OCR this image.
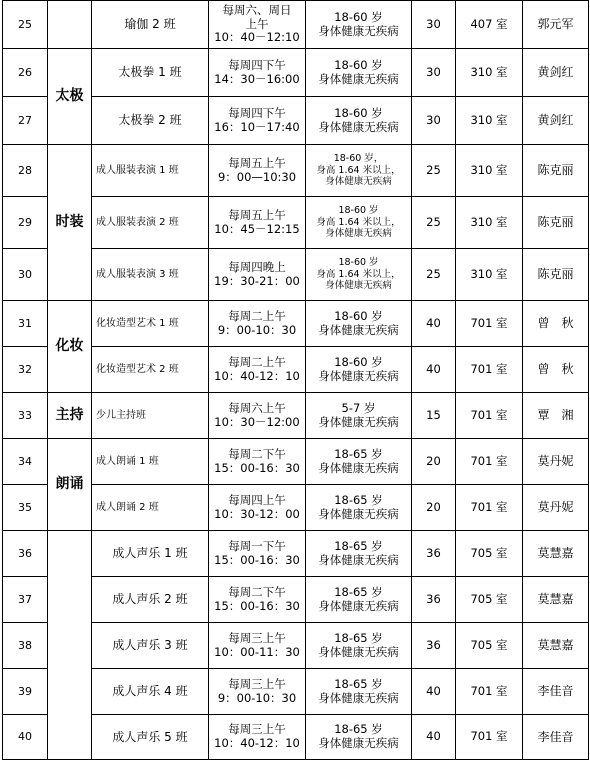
25		瑜伽 2 班	每周六、周日
上午
10：40－12:10	18-60 岁
身体健康无疾病	30	407 室	郭元军
26	太极	太极拳 1 班	每周四下午
14：30－16:00	18-60 岁
身体健康无疾病	30	310 室	黄剑红
27		太极拳 2 班	每周四下午
16：10－17:40	18-60 岁
身体健康无疾病	30	310 室	黄剑红
28	时装	成人服装表演 1 班	每周五上午
9：00—10:30	18-60 岁，
身高 1.64 米以上，
身体健康无疾病	25	310 室	陈克丽
29		成人服装表演 2 班	每周五上午
10：45－12:15	18-60 岁
身高 1.64 米以上，
身体健康无疾病	25	310 室	陈克丽
30		成人服装表演 3 班	每周四晚上
19：30-21：00	18-60 岁
身高 1.64 米以上，
身体健康无疾病	25	310 室	陈克丽
31	化妆	化妆造型艺术 1 班	每周二上午
9：00-10：30	18-60 岁
身体健康无疾病	40	701 室	曾　秋
32		化妆造型艺术 2 班	每周二上午
10：40-12：10	18-60 岁
身体健康无疾病	40	701 室	曾　秋
33	主持	少儿主持班	每周六上午
10：30－12:00	5-7 岁
身体健康无疾病	15	701 室	覃　湘
34	朗诵	成人朗诵 1 班	每周二下午
15：00-16：30	18-65 岁
身体健康无疾病	20	701 室	莫丹妮
35		成人朗诵 2 班	每周四上午
10：30-12：00	18-65 岁
身体健康无疾病	20	701 室	莫丹妮
36		成人声乐 1 班	每周一下午
15：00-16：30	18-65 岁
身体健康无疾病	36	705 室	莫慧嘉
37		成人声乐 2 班	每周二下午
15：00-16：30	18-65 岁
身体健康无疾病	36	705 室	莫慧嘉
38		成人声乐 3 班	每周三上午
10：00-11：30	18-65 岁
身体健康无疾病	36	705 室	莫慧嘉
39		成人声乐 4 班	每周三上午
9：00-10：30	18-65 岁
身体健康无疾病	40	701 室	李佳音
40		成人声乐 5 班	每周三上午
10：40-12：10	18-65 岁
身体健康无疾病	40	701 室	李佳音
